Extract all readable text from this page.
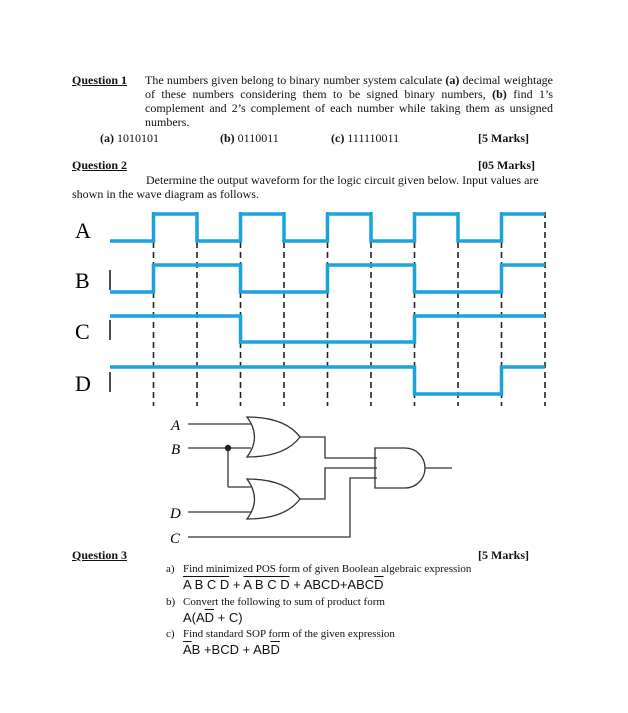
Question 1 The numbers given belong to binary number system calculate (a) decimal weightage of these numbers considering them to be signed binary numbers, (b) find 1’s complement and 2’s complement of each number while taking them as unsigned numbers.
(a) 1010101	(b) 0110011	(c) 111110011	[5 Marks]
Question 2	[05 Marks]
Determine the output waveform for the logic circuit given below. Input values are
shown in the wave diagram as follows.
A
B
C
D
A
B
D
C
Question 3	[5 Marks]
a) Find minimized POS form of given Boolean algebraic expression
A B C D + A B C $D + ABCD+ABC\overline{D}$
b) Convert the following to sum of product form
$A(A\overline{D} + C)$
c) Find standard SOP form of the given expression
$\overline{A}B +BCD + AB\overline{D}$
